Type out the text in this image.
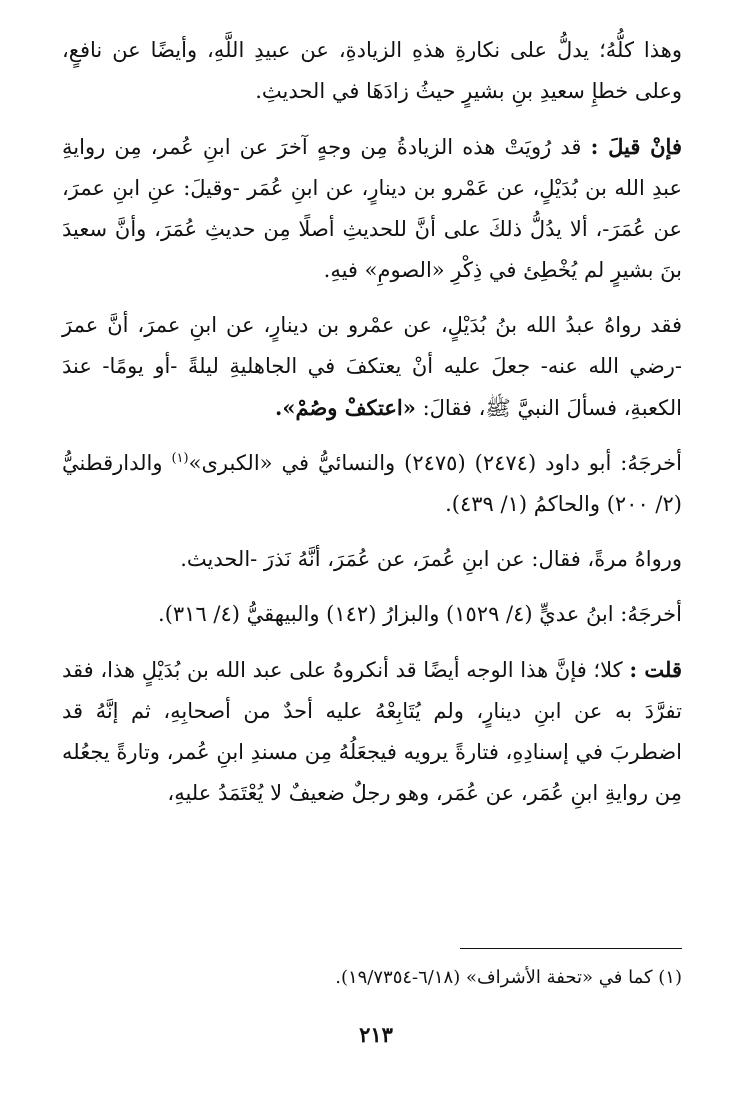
وهذا كلُّهُ؛ يدلُّ على نكارةِ هذهِ الزيادةِ، عن عبيدِ اللَّهِ، وأيضًا عن نافعٍ، وعلى خطإِ سعيدِ بنِ بشيرٍ حيثُ زادَهَا في الحديثِ.

فإنْ قيلَ : قد رُويَتْ هذه الزيادةُ مِن وجهٍ آخرَ عن ابنِ عُمر، مِن روايةِ عبدِ الله بن بُدَيْلٍ، عن عَمْرو بن دينارٍ، عن ابنِ عُمَر -وقيلَ: عنِ ابنِ عمرَ، عن عُمَرَ-، ألا يدُلُّ ذلكَ على أنَّ للحديثِ أصلًا مِن حديثِ عُمَرَ، وأنَّ سعيدَ بنَ بشيرٍ لم يُخْطِئ في ذِكْرِ «الصومِ» فيهِ.

فقد رواهُ عبدُ الله بنُ بُدَيْلٍ، عن عمْرو بن دينارٍ، عن ابنِ عمرَ، أنَّ عمرَ -رضي الله عنه- جعلَ عليه أنْ يعتكفَ في الجاهليةِ ليلةً -أو يومًا- عندَ الكعبةِ، فسألَ النبيَّ ﷺ، فقالَ: «اعتكفْ وصُمْ».

أخرجَهُ: أبو داود (٢٤٧٤) (٢٤٧٥) والنسائيُّ في «الكبرى»$^{(١)}$ والدارقطنيُّ (٢/ ٢٠٠) والحاكمُ (١/ ٤٣٩).

ورواهُ مرةً، فقال: عن ابنِ عُمرَ، عن عُمَرَ، أنَّهُ نَذرَ -الحديث.

أخرجَهُ: ابنُ عديٍّ (٤/ ١٥٢٩) والبزارُ (١٤٢) والبيهقيُّ (٤/ ٣١٦).

قلت : كلا؛ فإنَّ هذا الوجه أيضًا قد أنكروهُ على عبد الله بن بُدَيْلٍ هذا، فقد تفرَّدَ به عن ابنِ دينارٍ، ولم يُتَابِعْهُ عليه أحدٌ من أصحابِهِ، ثم إنَّهُ قد اضطربَ في إسنادِهِ، فتارةً يرويه فيجعَلُهُ مِن مسندِ ابنِ عُمر، وتارةً يجعُله مِن روايةِ ابنِ عُمَر، عن عُمَر، وهو رجلٌ ضعيفٌ لا يُعْتَمَدُ عليهِ،

(١) كما في «تحفة الأشراف» (٦/١٨-١٩/٧٣٥٤).
٢١٣
